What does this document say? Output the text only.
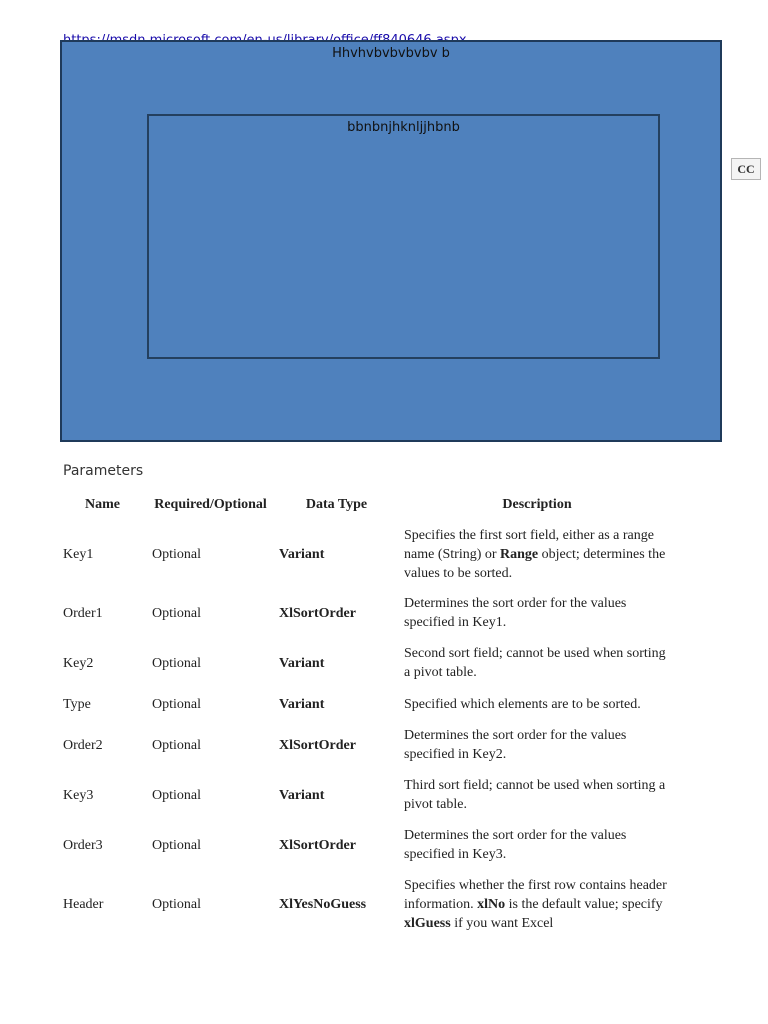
Hhvhvbvbvbvbv b
bbnbnjhknljjhbnb
CC
Parameters
Name	Required/Optional	Data Type	Description
Key1	Optional	Variant	Specifies the first sort field, either as a range name (String) or Range object; determines the values to be sorted.
Order1	Optional	XlSortOrder	Determines the sort order for the values specified in Key1.
Key2	Optional	Variant	Second sort field; cannot be used when sorting a pivot table.
Type	Optional	Variant	Specified which elements are to be sorted.
Order2	Optional	XlSortOrder	Determines the sort order for the values specified in Key2.
Key3	Optional	Variant	Third sort field; cannot be used when sorting a pivot table.
Order3	Optional	XlSortOrder	Determines the sort order for the values specified in Key3.
Header	Optional	XlYesNoGuess	Specifies whether the first row contains header information. xlNo is the default value; specify xlGuess if you want Excel
